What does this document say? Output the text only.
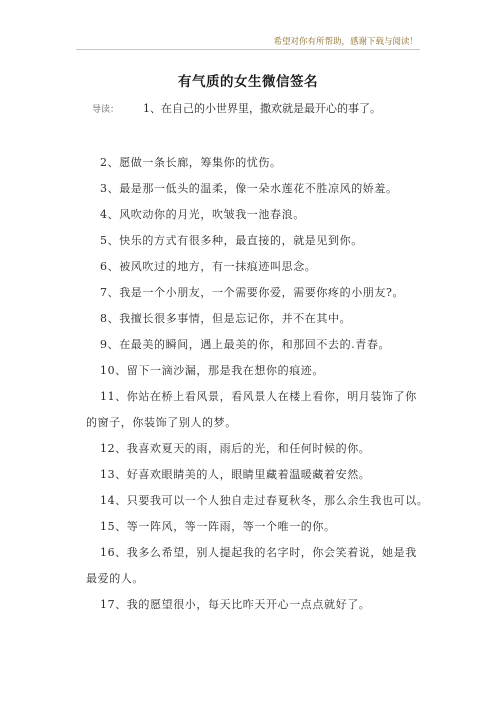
希望对你有所帮助，感谢下载与阅读！
有气质的女生微信签名
导读： 1、在自己的小世界里，撒欢就是最开心的事了。
2、愿做一条长廊，筹集你的忧伤。
3、最是那一低头的温柔，像一朵水莲花不胜凉风的娇羞。
4、风吹动你的月光，吹皱我一池春浪。
5、快乐的方式有很多种，最直接的，就是见到你。
6、被风吹过的地方，有一抹痕迹叫思念。
7、我是一个小朋友，一个需要你爱，需要你疼的小朋友?。
8、我擅长很多事情，但是忘记你，并不在其中。
9、在最美的瞬间，遇上最美的你，和那回不去的.青春。
10、留下一滴沙漏，那是我在想你的痕迹。
11、你站在桥上看风景，看风景人在楼上看你，明月装饰了你的窗子，你装饰了别人的梦。
12、我喜欢夏天的雨，雨后的光，和任何时候的你。
13、好喜欢眼睛美的人，眼睛里藏着温暖藏着安然。
14、只要我可以一个人独自走过春夏秋冬，那么余生我也可以。
15、等一阵风，等一阵雨，等一个唯一的你。
16、我多么希望，别人提起我的名字时，你会笑着说，她是我最爱的人。
17、我的愿望很小，每天比昨天开心一点点就好了。
